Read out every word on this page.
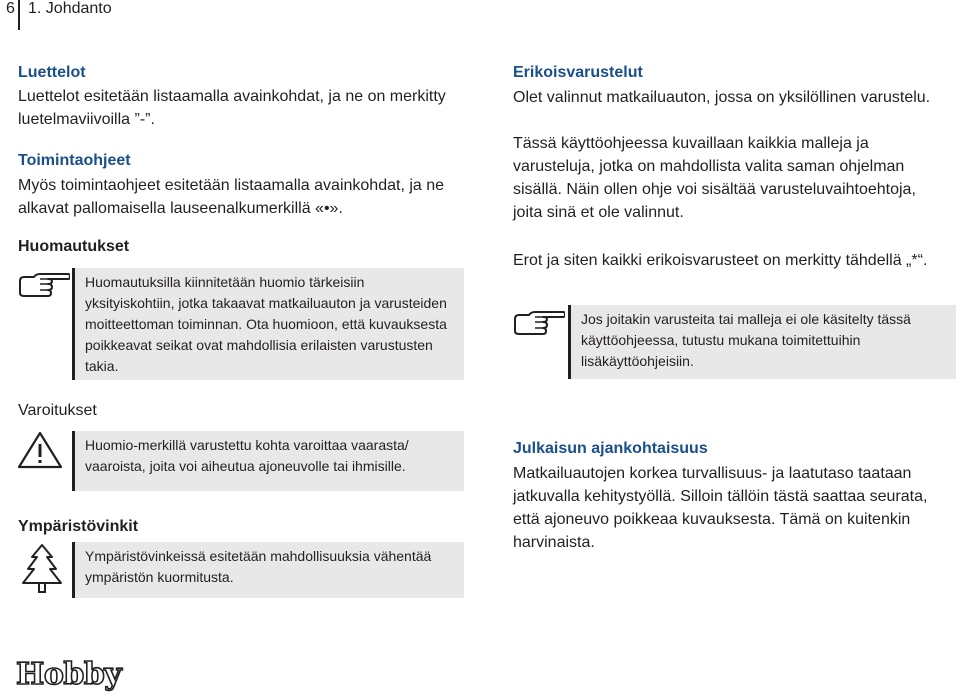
6 1. Johdanto
Luettelot
Luettelot esitetään listaamalla avainkohdat, ja ne on merkitty luetelmaviivoilla ”-”.
Toimintaohjeet
Myös toimintaohjeet esitetään listaamalla avainkohdat, ja ne alkavat pallomaisella lauseenalkumerkillä «•».
Huomautukset
Huomautuksilla kiinnitetään huomio tärkeisiin yksityiskohtiin, jotka takaavat matkailuauton ja varusteiden moitteettoman toiminnan. Ota huomioon, että kuvauksesta poikkeavat seikat ovat mahdollisia erilaisten varustusten takia.
Varoitukset
Huomio-merkillä varustettu kohta varoittaa vaarasta/ vaaroista, joita voi aiheutua ajoneuvolle tai ihmisille.
Ympäristövinkit
Ympäristövinkeissä esitetään mahdollisuuksia vähentää ympäristön kuormitusta.
Erikoisvarustelut
Olet valinnut matkailuauton, jossa on yksilöllinen varustelu.
Tässä käyttöohjeessa kuvaillaan kaikkia malleja ja varusteluja, jotka on mahdollista valita saman ohjelman sisällä. Näin ollen ohje voi sisältää varusteluvaihtoehtoja, joita sinä et ole valinnut.
Erot ja siten kaikki erikoisvarusteet on merkitty tähdellä „*“.
Jos joitakin varusteita tai malleja ei ole käsitelty tässä käyttöohjeessa, tutustu mukana toimitettuihin lisäkäyttöohjeisiin.
Julkaisun ajankohtaisuus
Matkailuautojen korkea turvallisuus- ja laatutaso taataan jatkuvalla kehitystyöllä. Silloin tällöin tästä saattaa seurata, että ajoneuvo poikkeaa kuvauksesta. Tämä on kuitenkin harvinaista.
Hobby
